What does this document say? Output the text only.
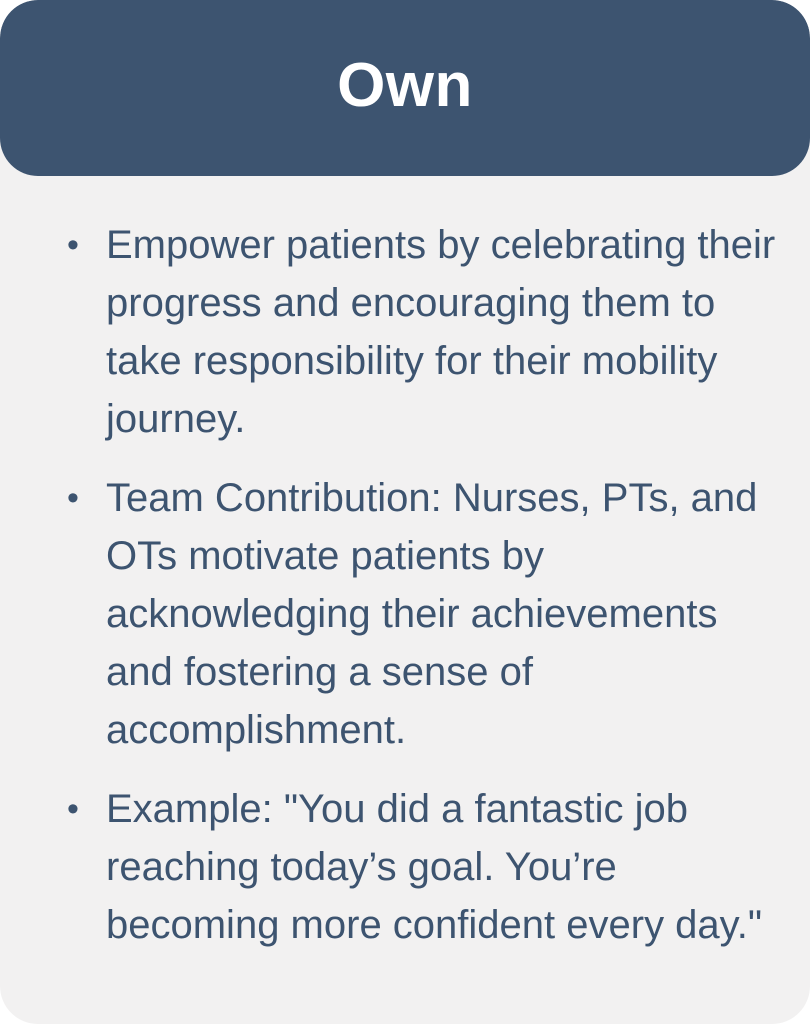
Own
• Empower patients by celebrating their progress and encouraging them to take responsibility for their mobility journey.
• Team Contribution: Nurses, PTs, and OTs motivate patients by acknowledging their achievements and fostering a sense of accomplishment.
• Example: "You did a fantastic job reaching today’s goal. You’re becoming more confident every day."
